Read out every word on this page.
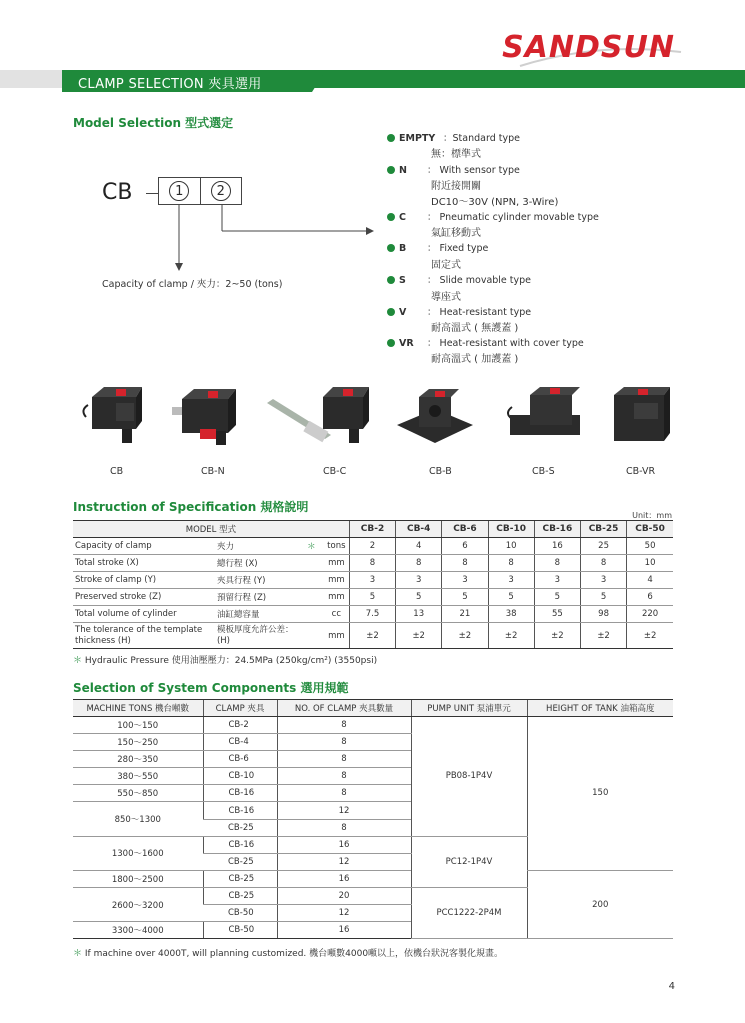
CLAMP SELECTION 夾具選用
SANDSUN
Model Selection 型式選定
CB	1	2
Capacity of clamp / 夾力：2~50 (tons)
EMPTY ：Standard type
無：標準式
N ： With sensor type
附近接開關
DC10～30V (NPN, 3-Wire)
C ： Pneumatic cylinder movable type
氣缸移動式
B ： Fixed type
固定式
S ： Slide movable type
導座式
V ： Heat-resistant type
耐高溫式 ( 無護蓋 )
VR ： Heat-resistant with cover type
耐高溫式 ( 加護蓋 )
CB	CB-N	CB-C	CB-B	CB-S	CB-VR
Instruction of Specification 規格說明
Unit：mm
MODEL 型式				CB-2	CB-4	CB-6	CB-10	CB-16	CB-25	CB-50
Capacity of clamp	夾力	＊	tons	2	4	6	10	16	25	50
Total stroke (X)	總行程 (X)		mm	8	8	8	8	8	8	10
Stroke of clamp (Y)	夾具行程 (Y)		mm	3	3	3	3	3	3	4
Preserved stroke (Z)	預留行程 (Z)		mm	5	5	5	5	5	5	6
Total volume of cylinder	油缸總容量		cc	7.5	13	21	38	55	98	220
The tolerance of the template thickness (H)	模板厚度允許公差：(H)		mm	±2	±2	±2	±2	±2	±2	±2
＊ Hydraulic Pressure 使用油壓壓力：24.5MPa (250kg/cm²) (3550psi)
Selection of System Components 選用規範
MACHINE TONS 機台噸數	CLAMP 夾具	NO. OF CLAMP 夾具數量	PUMP UNIT 泵浦單元	HEIGHT OF TANK 油箱高度
100～150	CB-2	8	PB08-1P4V	150
150～250	CB-4	8		
280～350	CB-6	8		
380～550	CB-10	8		
550～850	CB-16	8		
850～1300	CB-16	12		
	CB-25	8		
1300～1600	CB-16	16	PC12-1P4V	
	CB-25	12		
1800～2500	CB-25	16		200
2600～3200	CB-25	20	PCC1222-2P4M	
	CB-50	12		
3300～4000	CB-50	16		
＊ If machine over 4000T, will planning customized. 機台噸數4000噸以上，依機台狀況客製化規畫。
4
